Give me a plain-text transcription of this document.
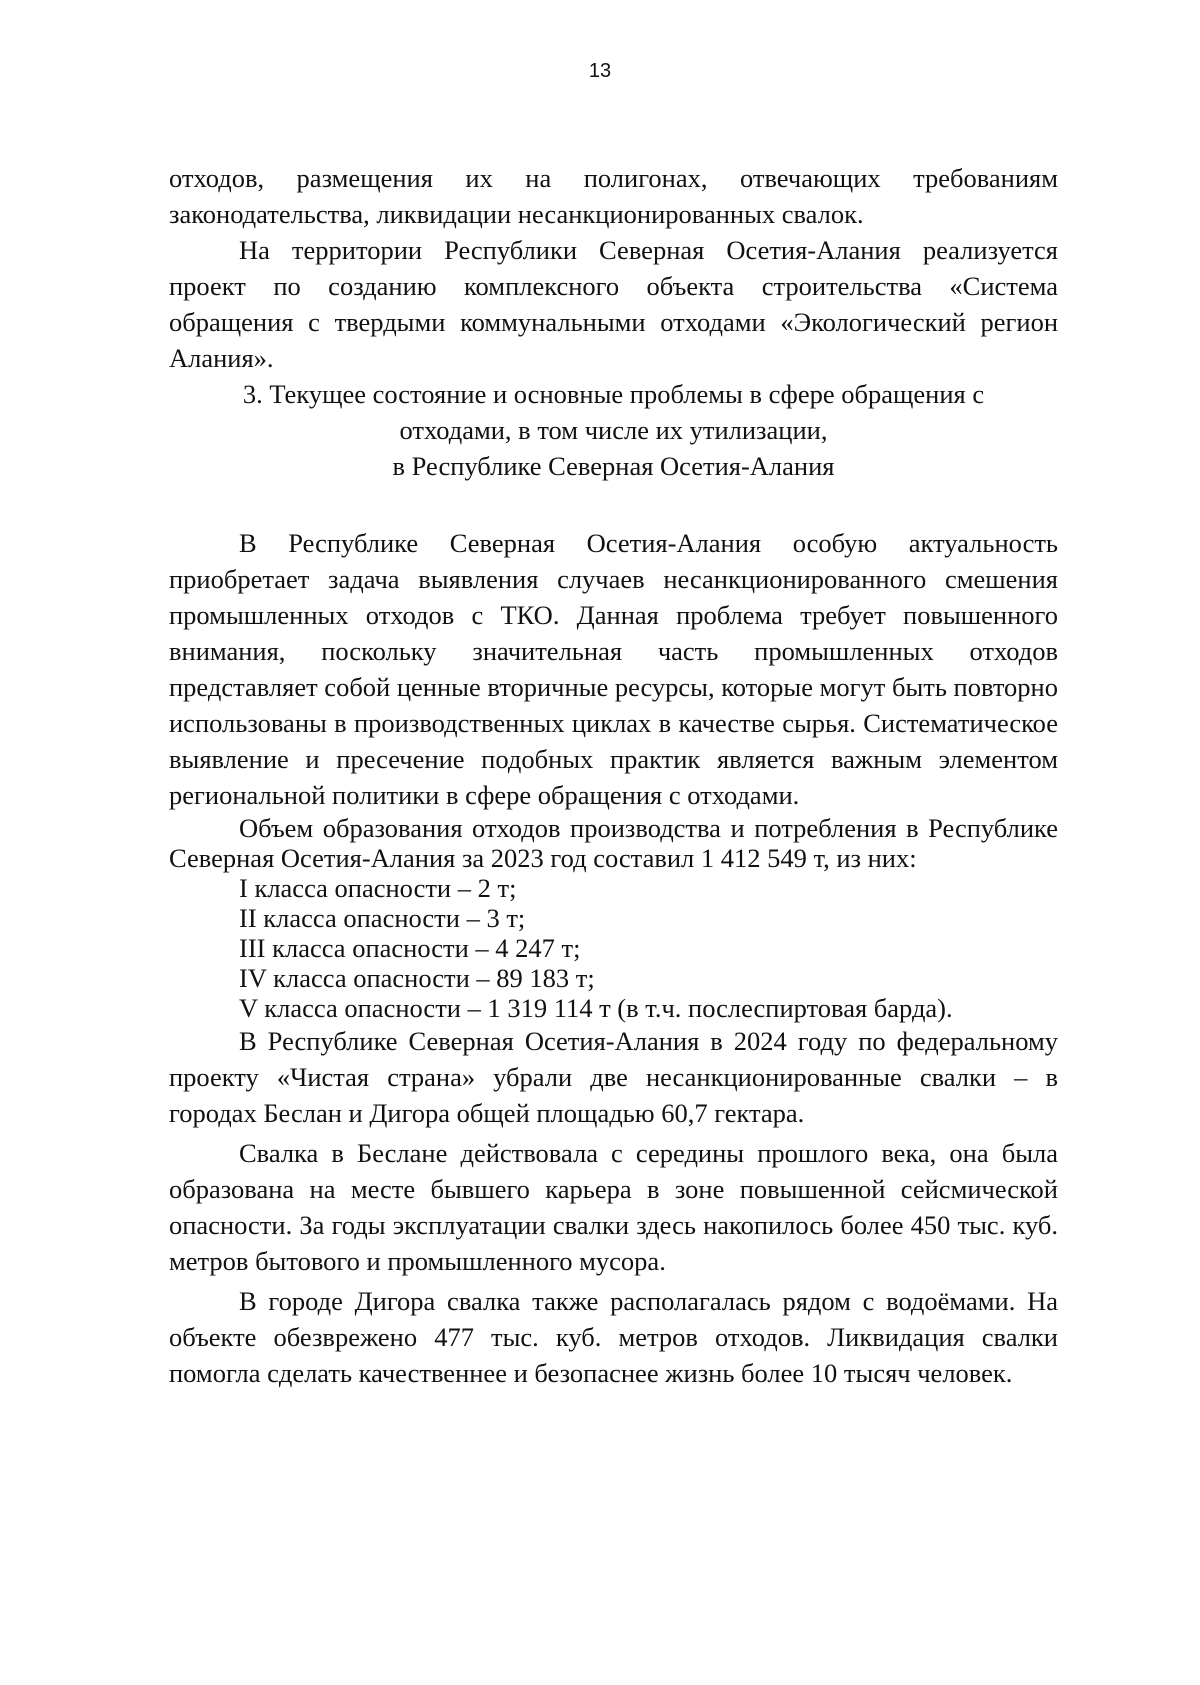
13

отходов, размещения их на полигонах, отвечающих требованиям законодательства, ликвидации несанкционированных свалок.

На территории Республики Северная Осетия-Алания реализуется проект по созданию комплексного объекта строительства «Система обращения с твердыми коммунальными отходами «Экологический регион Алания».

3. Текущее состояние и основные проблемы в сфере обращения с
отходами, в том числе их утилизации,
в Республике Северная Осетия-Алания

В Республике Северная Осетия-Алания особую актуальность приобретает задача выявления случаев несанкционированного смешения промышленных отходов с ТКО. Данная проблема требует повышенного внимания, поскольку значительная часть промышленных отходов представляет собой ценные вторичные ресурсы, которые могут быть повторно использованы в производственных циклах в качестве сырья. Систематическое выявление и пресечение подобных практик является важным элементом региональной политики в сфере обращения с отходами.

Объем образования отходов производства и потребления в Республике Северная Осетия-Алания за 2023 год составил 1 412 549 т, из них:

I класса опасности – 2 т;
II класса опасности – 3 т;
III класса опасности – 4 247 т;
IV класса опасности – 89 183 т;
V класса опасности – 1 319 114 т (в т.ч. послеспиртовая барда).

В Республике Северная Осетия-Алания в 2024 году по федеральному проекту «Чистая страна» убрали две несанкционированные свалки – в городах Беслан и Дигора общей площадью 60,7 гектара.

Свалка в Беслане действовала с середины прошлого века, она была образована на месте бывшего карьера в зоне повышенной сейсмической опасности. За годы эксплуатации свалки здесь накопилось более 450 тыс. куб. метров бытового и промышленного мусора.

В городе Дигора свалка также располагалась рядом с водоёмами. На объекте обезврежено 477 тыс. куб. метров отходов. Ликвидация свалки помогла сделать качественнее и безопаснее жизнь более 10 тысяч человек.
